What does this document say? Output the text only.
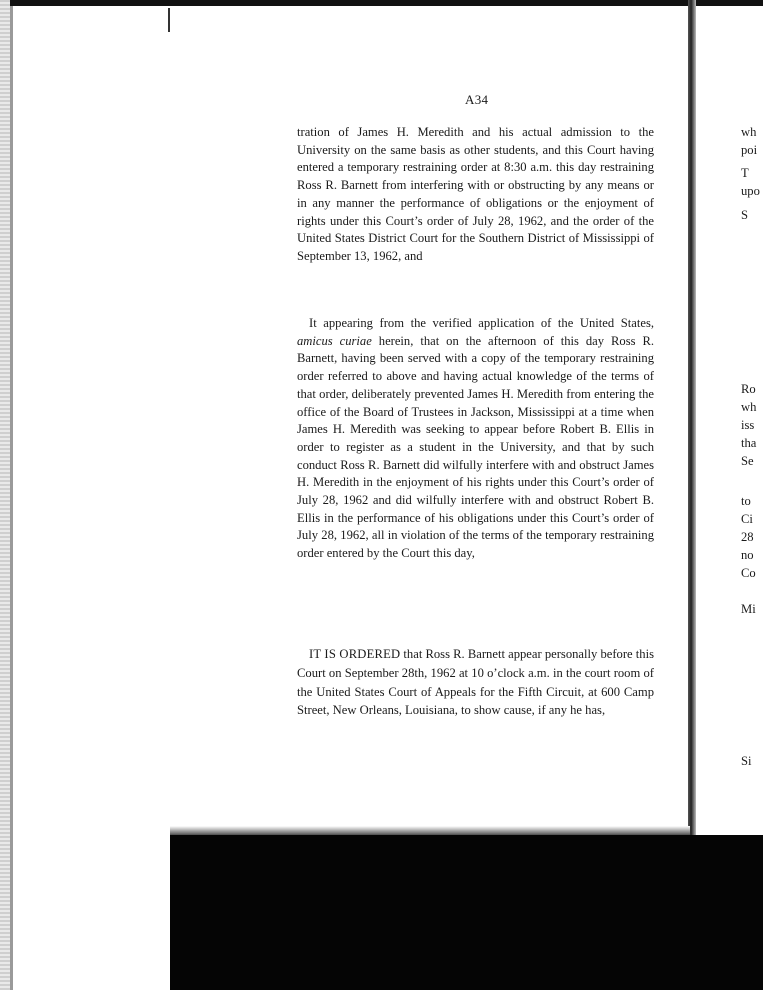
A34

tration of James H. Meredith and his actual admission to the University on the same basis as other students, and this Court having entered a temporary restraining order at 8:30 a.m. this day restraining Ross R. Barnett from interfering with or obstructing by any means or in any manner the performance of obligations or the enjoyment of rights under this Court’s order of July 28, 1962, and the order of the United States District Court for the Southern District of Mississippi of September 13, 1962, and

It appearing from the verified application of the United States, amicus curiae herein, that on the afternoon of this day Ross R. Barnett, having been served with a copy of the temporary restraining order referred to above and having actual knowledge of the terms of that order, deliberately prevented James H. Meredith from entering the office of the Board of Trustees in Jackson, Mississippi at a time when James H. Meredith was seeking to appear before Robert B. Ellis in order to register as a student in the University, and that by such conduct Ross R. Barnett did wilfully interfere with and obstruct James H. Meredith in the enjoyment of his rights under this Court’s order of July 28, 1962 and did wilfully interfere with and obstruct Robert B. Ellis in the performance of his obligations under this Court’s order of July 28, 1962, all in violation of the terms of the temporary restraining order entered by the Court this day,

IT IS ORDERED that Ross R. Barnett appear personally before this Court on September 28th, 1962 at 10 o’clock a.m. in the court room of the United States Court of Appeals for the Fifth Circuit, at 600 Camp Street, New Orleans, Louisiana, to show cause, if any he has,

wh
poi
T
upo
S
Ro
wh
iss
tha
Se
to
Ci
28
no
Co
Mi
Si
